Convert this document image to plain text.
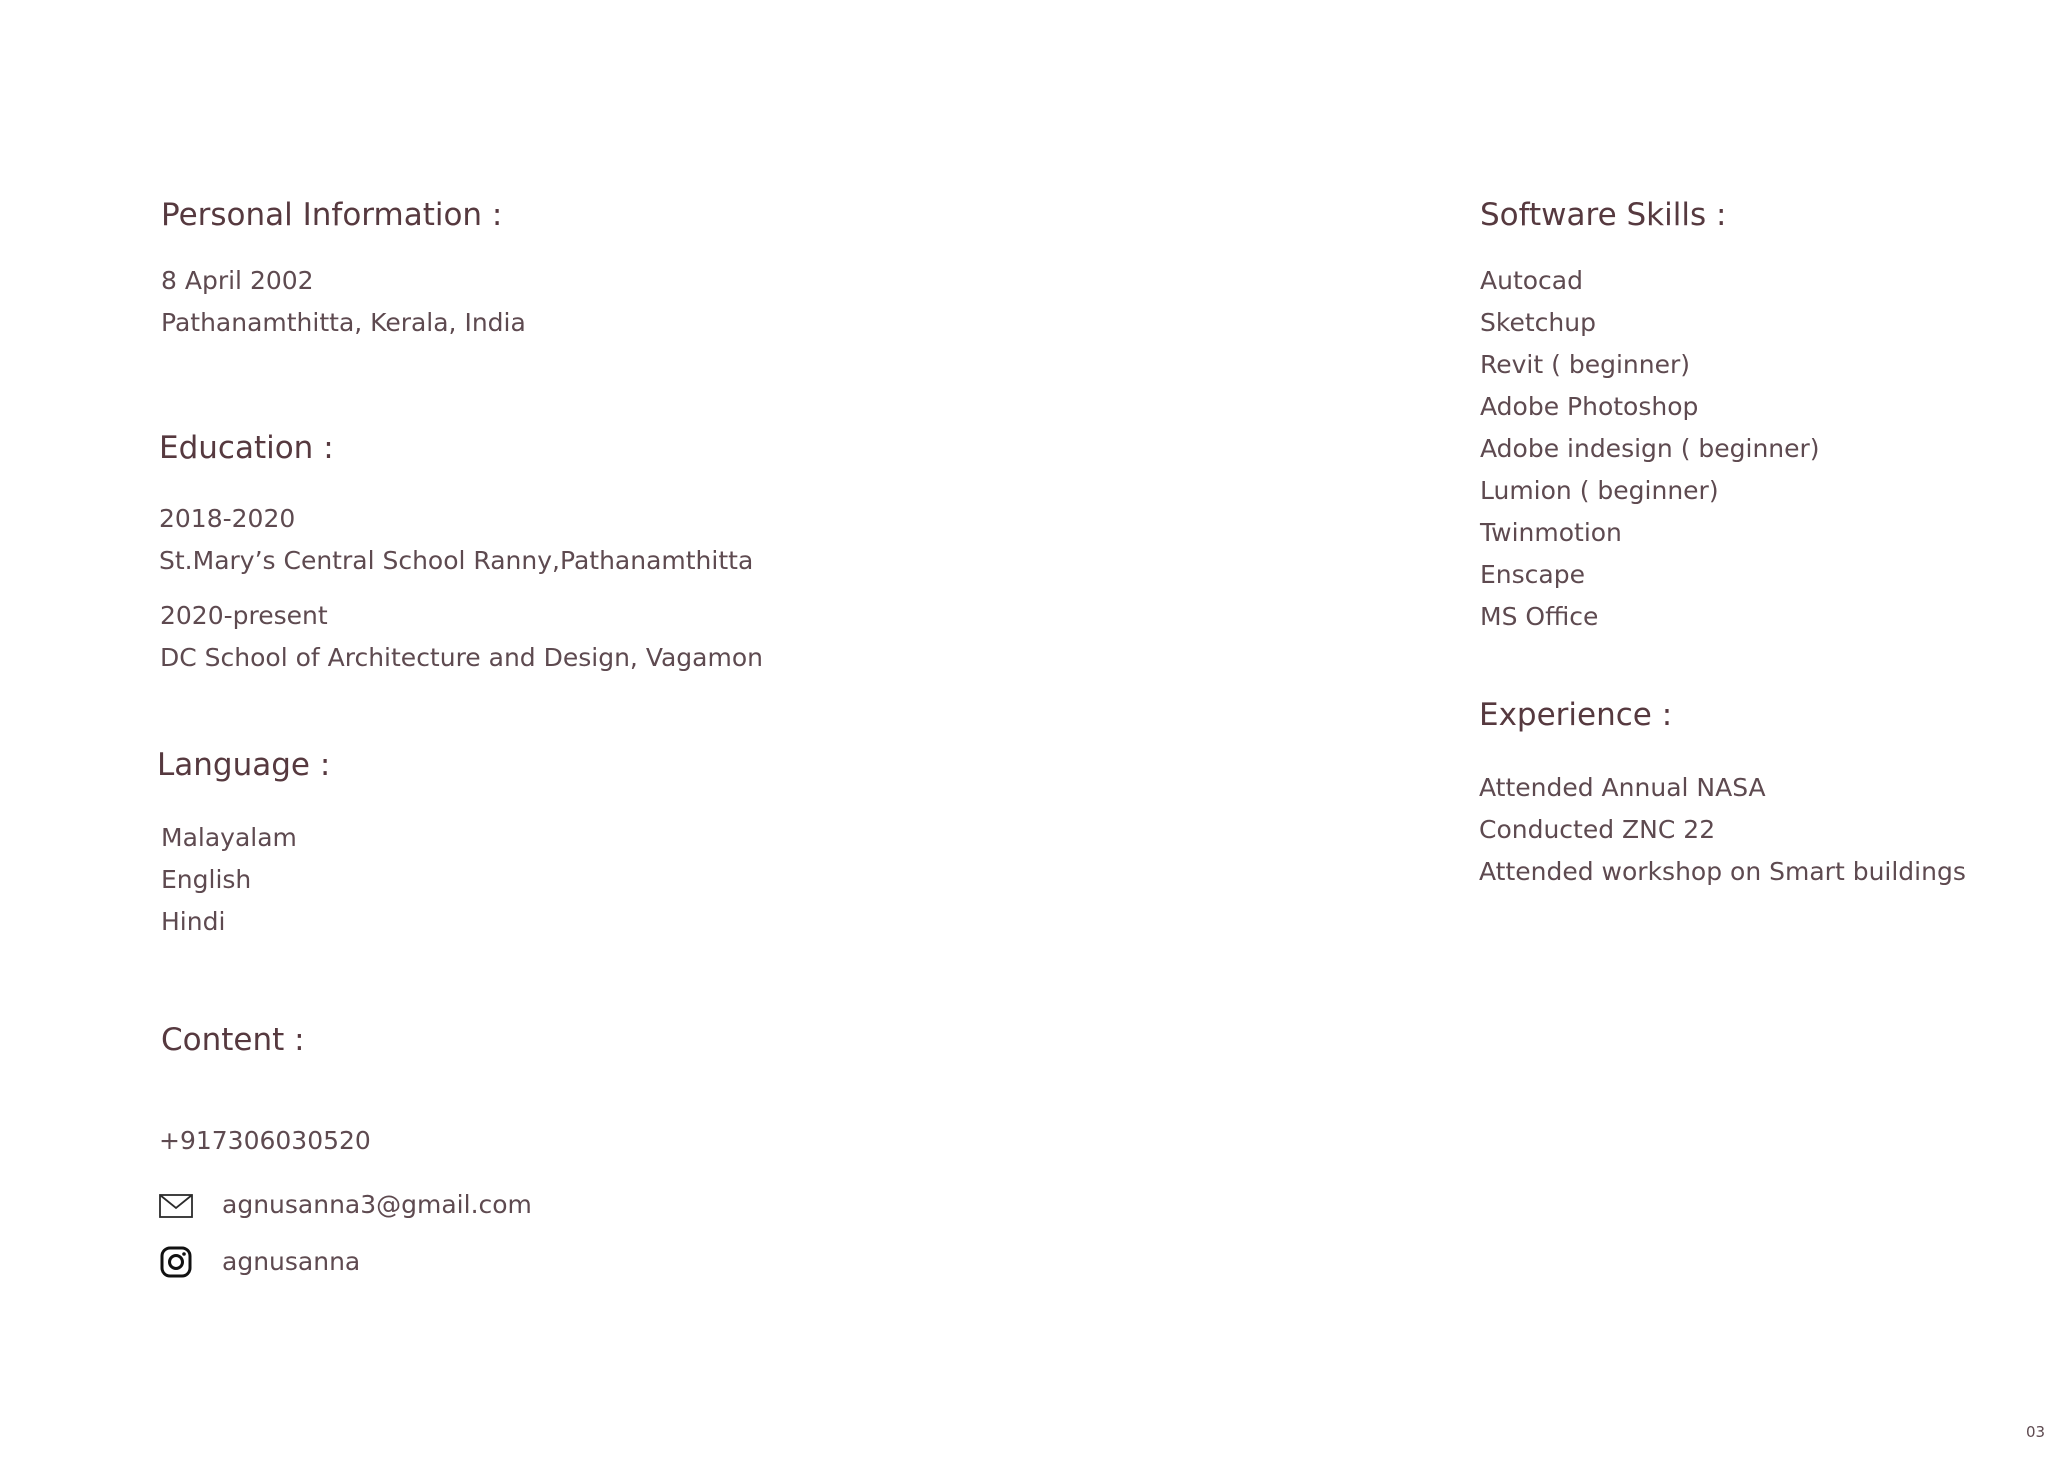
Personal Information :
8 April 2002
Pathanamthitta, Kerala, India
Education :
2018-2020
St.Mary’s Central School Ranny,Pathanamthitta
2020-present
DC School of Architecture and Design, Vagamon
Language :
Malayalam
English
Hindi
Content :
+917306030520
agnusanna3@gmail.com
agnusanna
Software Skills :
Autocad
Sketchup
Revit ( beginner)
Adobe Photoshop
Adobe indesign ( beginner)
Lumion ( beginner)
Twinmotion
Enscape
MS Office
Experience :
Attended Annual NASA
Conducted ZNC 22
Attended workshop on Smart buildings
03
